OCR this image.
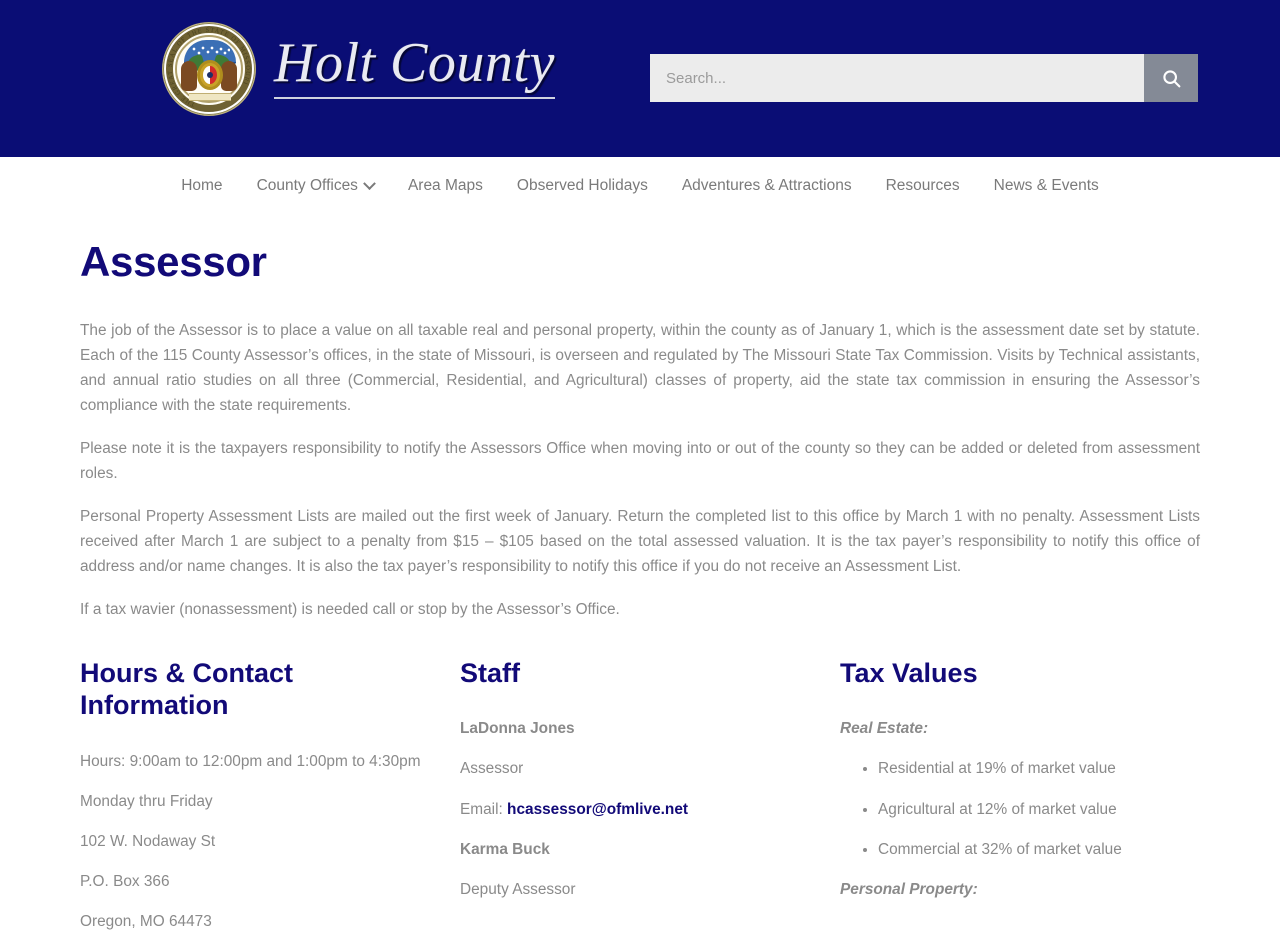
THE GREAT SEAL OF THE STATE OF MISSOURI Holt County
Search...
Home County Offices	Area Maps Observed Holidays Adventures & Attractions Resources News & Events
Assessor

The job of the Assessor is to place a value on all taxable real and personal property, within the county as of January 1, which is the assessment date set by statute. Each of the 115 County Assessor’s offices, in the state of Missouri, is overseen and regulated by The Missouri State Tax Commission. Visits by Technical assistants, and annual ratio studies on all three (Commercial, Residential, and Agricultural) classes of property, aid the state tax commission in ensuring the Assessor’s compliance with the state requirements.

Please note it is the taxpayers responsibility to notify the Assessors Office when moving into or out of the county so they can be added or deleted from assessment roles.

Personal Property Assessment Lists are mailed out the first week of January. Return the completed list to this office by March 1 with no penalty. Assessment Lists received after March 1 are subject to a penalty from $15 – $105 based on the total assessed valuation. It is the tax payer’s responsibility to notify this office of address and/or name changes. It is also the tax payer’s responsibility to notify this office if you do not receive an Assessment List.

If a tax wavier (nonassessment) is needed call or stop by the Assessor’s Office.

Hours & Contact Information

Hours: 9:00am to 12:00pm and 1:00pm to 4:30pm

Monday thru Friday

102 W. Nodaway St

P.O. Box 366

Oregon, MO 64473

Staff

LaDonna Jones

Assessor

Email: hcassessor@ofmlive.net

Karma Buck

Deputy Assessor

Tax Values

Real Estate:

• Residential at 19% of market value
• Agricultural at 12% of market value
• Commercial at 32% of market value

Personal Property:
